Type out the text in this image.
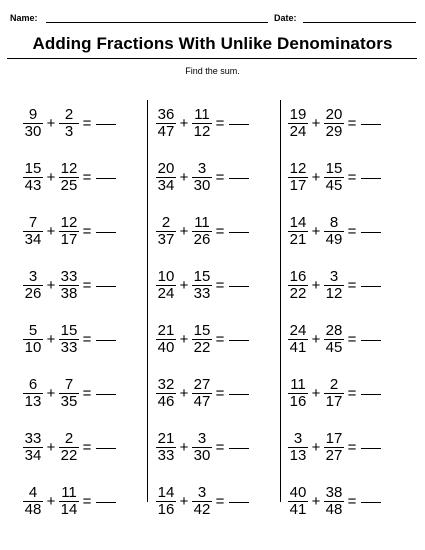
Name:	Date:
Adding Fractions With Unlike Denominators
Find the sum.
$\frac{9}{30} + \frac{2}{3}$ =
$\frac{15}{43} + \frac{12}{25}$ =
$\frac{7}{34} + \frac{12}{17}$ =
$\frac{3}{26} + \frac{33}{38}$ =
$\frac{5}{10} + \frac{15}{33}$ =
$\frac{6}{13} + \frac{7}{35}$ =
$\frac{33}{34} + \frac{2}{22}$ =
$\frac{4}{48} + \frac{11}{14}$ =
$\frac{36}{47} + \frac{11}{12}$ =
$\frac{20}{34} + \frac{3}{30}$ =
$\frac{2}{37} + \frac{11}{26}$ =
$\frac{10}{24} + \frac{15}{33}$ =
$\frac{21}{40} + \frac{15}{22}$ =
$\frac{32}{46} + \frac{27}{47}$ =
$\frac{21}{33} + \frac{3}{30}$ =
$\frac{14}{16} + \frac{3}{42}$ =
$\frac{19}{24} + \frac{20}{29}$ =
$\frac{12}{17} + \frac{15}{45}$ =
$\frac{14}{21} + \frac{8}{49}$ =
$\frac{16}{22} + \frac{3}{12}$ =
$\frac{24}{41} + \frac{28}{45}$ =
$\frac{11}{16} + \frac{2}{17}$ =
$\frac{3}{13} + \frac{17}{27}$ =
$\frac{40}{41} + \frac{38}{48}$ =
